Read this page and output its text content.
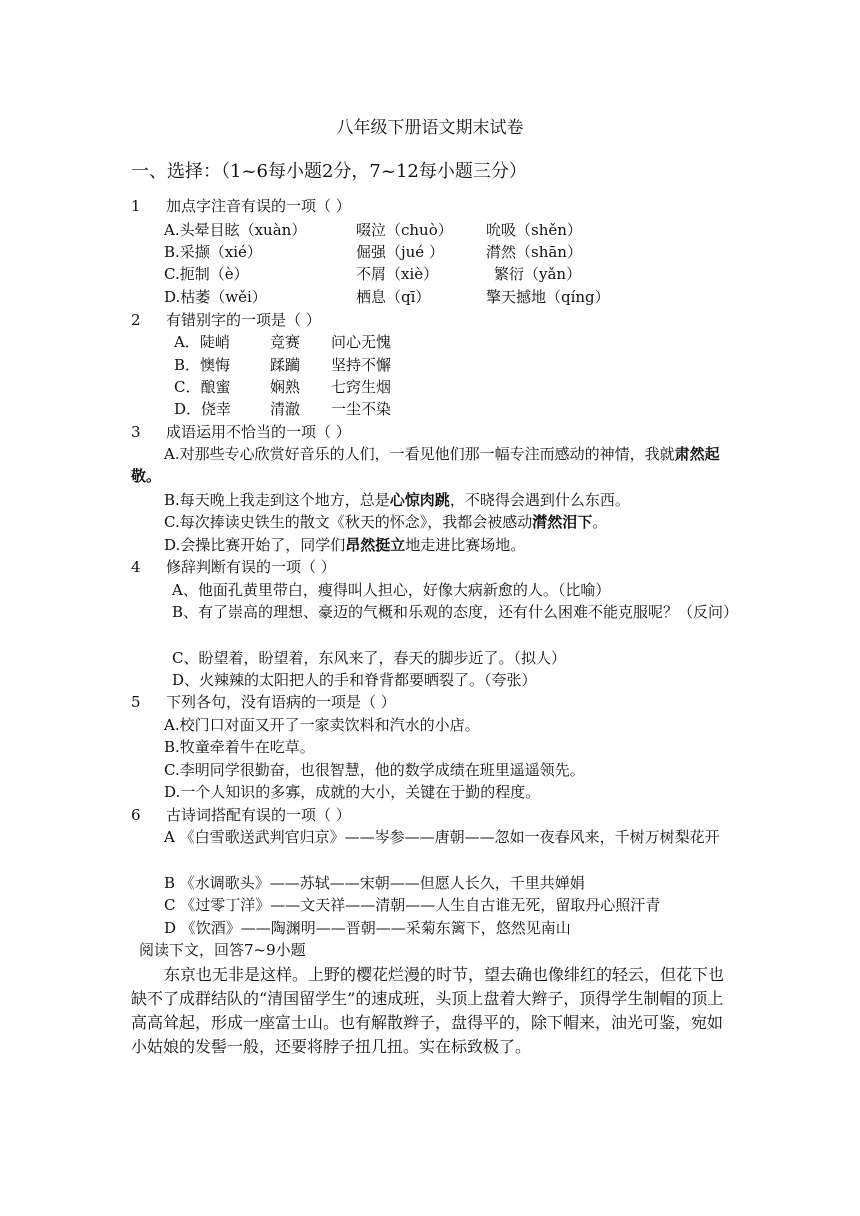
八年级下册语文期末试卷
一、选择：（1~6每小题2分，7~12每小题三分）
1 加点字注音有误的一项（ ）
A.头晕目眩（xuàn）	啜泣（chuò） 吮吸（shěn）
B.采撷（xié）	倔强（jué ）	潸然（shān）
C.扼制（è）	不屑（xiè）	繁衍（yǎn）
D.枯萎（wěi）	栖息（qī）	擎天撼地（qíng）
2 有错别字的一项是（ ）
A．陡峭	竞赛 问心无愧
B．懊悔	蹂躏 坚持不懈
C．酿蜜	娴熟 七窍生烟
D．侥幸	清澈 一尘不染
3 成语运用不恰当的一项（ ）
A.对那些专心欣赏好音乐的人们，一看见他们那一幅专注而感动的神情，我就肃然起敬。
B.每天晚上我走到这个地方，总是心惊肉跳，不晓得会遇到什么东西。
C.每次捧读史铁生的散文《秋天的怀念》，我都会被感动潸然泪下。
D.会操比赛开始了，同学们昂然挺立地走进比赛场地。
4 修辞判断有误的一项（ ）
A、他面孔黄里带白，瘦得叫人担心，好像大病新愈的人。（比喻）
B、有了崇高的理想、豪迈的气概和乐观的态度，还有什么困难不能克服呢？（反问）
C、盼望着，盼望着，东风来了，春天的脚步近了。（拟人）
D、火辣辣的太阳把人的手和脊背都要晒裂了。（夸张）
5 下列各句，没有语病的一项是（ ）
A.校门口对面又开了一家卖饮料和汽水的小店。
B.牧童牵着牛在吃草。
C.李明同学很勤奋，也很智慧，他的数学成绩在班里遥遥领先。
D.一个人知识的多寡，成就的大小，关键在于勤的程度。
6 古诗词搭配有误的一项（ ）
A 《白雪歌送武判官归京》——岑参——唐朝——忽如一夜春风来，千树万树梨花开
B 《水调歌头》——苏轼——宋朝——但愿人长久，千里共婵娟
C 《过零丁洋》——文天祥——清朝——人生自古谁无死，留取丹心照汗青
D 《饮酒》——陶渊明——晋朝——采菊东篱下，悠然见南山
阅读下文，回答7~9小题
东京也无非是这样。上野的樱花烂漫的时节，望去确也像绯红的轻云，但花下也缺不了成群结队的“清国留学生”的速成班，头顶上盘着大辫子，顶得学生制帽的顶上高高耸起，形成一座富士山。也有解散辫子，盘得平的，除下帽来，油光可鉴，宛如小姑娘的发髻一般，还要将脖子扭几扭。实在标致极了。
